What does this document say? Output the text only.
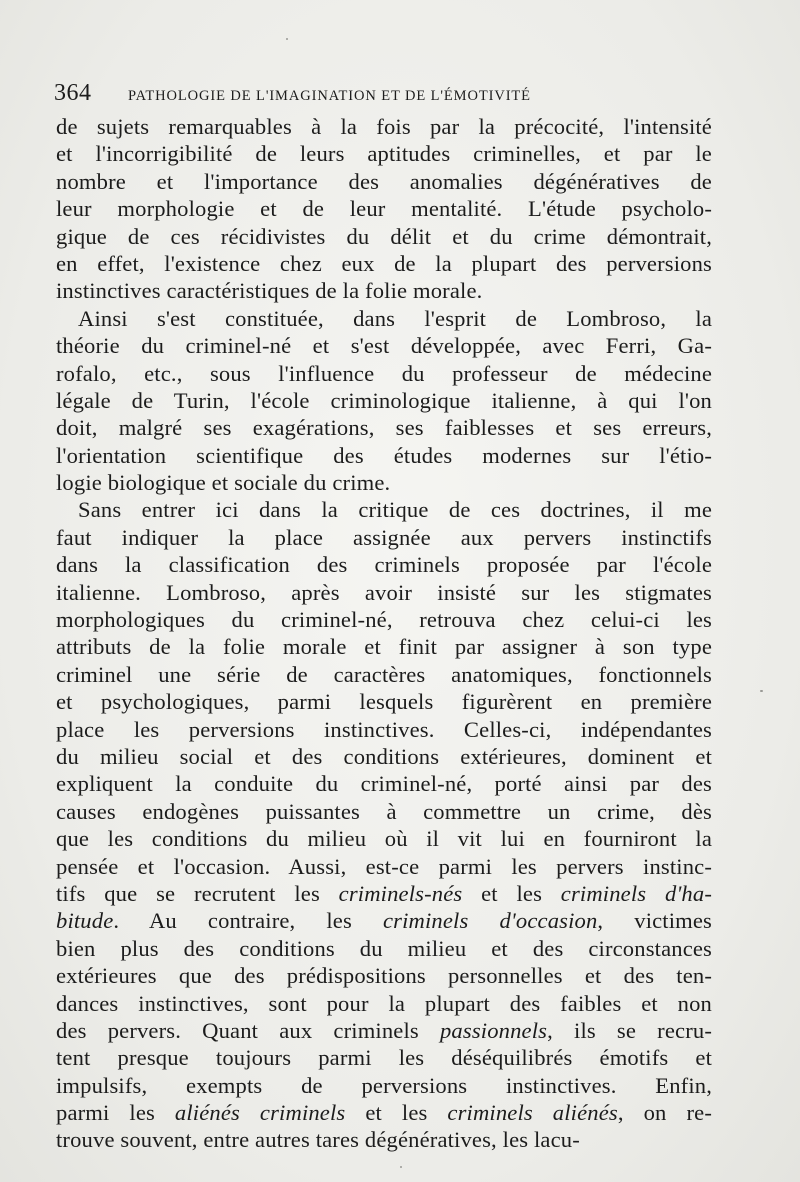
364	PATHOLOGIE DE L'IMAGINATION ET DE L'ÉMOTIVITÉ
de sujets remarquables à la fois par la précocité, l'intensité
et l'incorrigibilité de leurs aptitudes criminelles, et par le
nombre et l'importance des anomalies dégénératives de
leur morphologie et de leur mentalité. L'étude psycholo-
gique de ces récidivistes du délit et du crime démontrait,
en effet, l'existence chez eux de la plupart des perversions
instinctives caractéristiques de la folie morale.
Ainsi s'est constituée, dans l'esprit de Lombroso, la
théorie du criminel-né et s'est développée, avec Ferri, Ga-
rofalo, etc., sous l'influence du professeur de médecine
légale de Turin, l'école criminologique italienne, à qui l'on
doit, malgré ses exagérations, ses faiblesses et ses erreurs,
l'orientation scientifique des études modernes sur l'étio-
logie biologique et sociale du crime.
Sans entrer ici dans la critique de ces doctrines, il me
faut indiquer la place assignée aux pervers instinctifs
dans la classification des criminels proposée par l'école
italienne. Lombroso, après avoir insisté sur les stigmates
morphologiques du criminel-né, retrouva chez celui-ci les
attributs de la folie morale et finit par assigner à son type
criminel une série de caractères anatomiques, fonctionnels
et psychologiques, parmi lesquels figurèrent en première
place les perversions instinctives. Celles-ci, indépendantes
du milieu social et des conditions extérieures, dominent et
expliquent la conduite du criminel-né, porté ainsi par des
causes endogènes puissantes à commettre un crime, dès
que les conditions du milieu où il vit lui en fourniront la
pensée et l'occasion. Aussi, est-ce parmi les pervers instinc-
tifs que se recrutent les criminels-nés et les criminels d'ha-
bitude. Au contraire, les criminels d'occasion, victimes
bien plus des conditions du milieu et des circonstances
extérieures que des prédispositions personnelles et des ten-
dances instinctives, sont pour la plupart des faibles et non
des pervers. Quant aux criminels passionnels, ils se recru-
tent presque toujours parmi les déséquilibrés émotifs et
impulsifs, exempts de perversions instinctives. Enfin,
parmi les aliénés criminels et les criminels aliénés, on re-
trouve souvent, entre autres tares dégénératives, les lacu-
